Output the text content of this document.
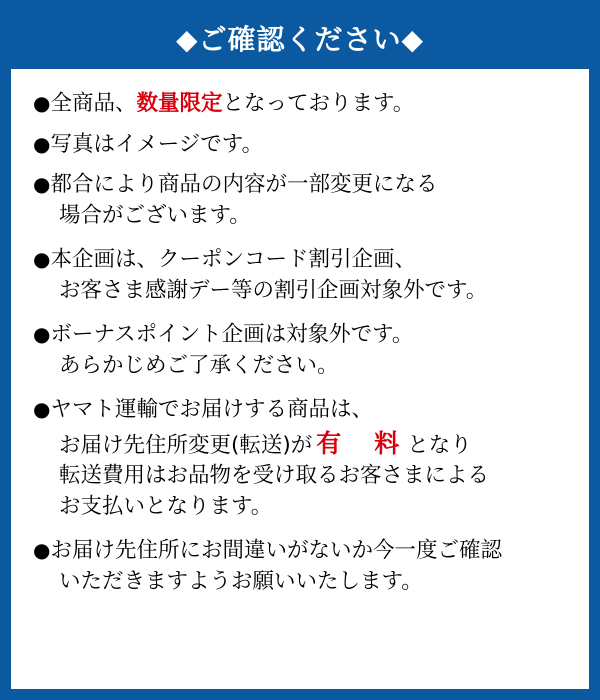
◆ご確認ください◆
●全商品、数量限定となっております。
●写真はイメージです。
●都合により商品の内容が一部変更になる
場合がございます。
●本企画は、クーポンコード割引企画、
お客さま感謝デー等の割引企画対象外です。
●ボーナスポイント企画は対象外です。
あらかじめご了承ください。
●ヤマト運輸でお届けする商品は、
お届け先住所変更(転送)が 有　料 となり
転送費用はお品物を受け取るお客さまによる
お支払いとなります。
●お届け先住所にお間違いがないか今一度ご確認
いただきますようお願いいたします。
